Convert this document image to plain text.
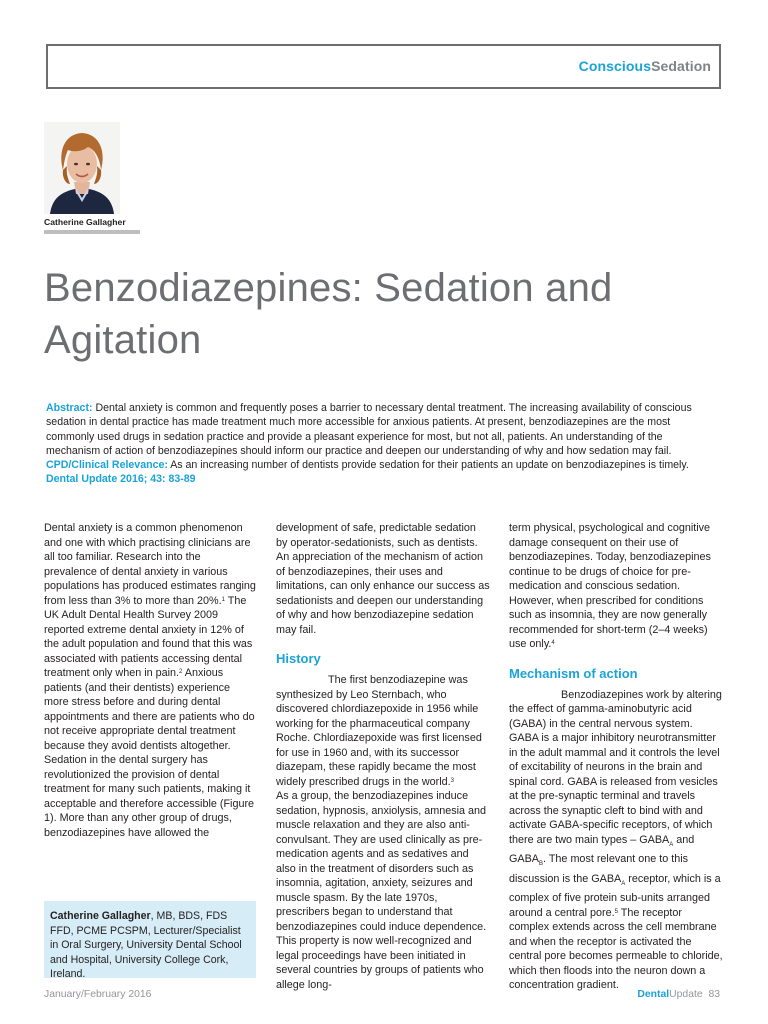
ConsciousSedation
Catherine Gallagher
Benzodiazepines: Sedation and Agitation
Abstract: Dental anxiety is common and frequently poses a barrier to necessary dental treatment. The increasing availability of conscious sedation in dental practice has made treatment much more accessible for anxious patients. At present, benzodiazepines are the most commonly used drugs in sedation practice and provide a pleasant experience for most, but not all, patients. An understanding of the mechanism of action of benzodiazepines should inform our practice and deepen our understanding of why and how sedation may fail.
CPD/Clinical Relevance: As an increasing number of dentists provide sedation for their patients an update on benzodiazepines is timely.
Dental Update 2016; 43: 83-89

Dental anxiety is a common phenomenon and one with which practising clinicians are all too familiar. Research into the prevalence of dental anxiety in various populations has produced estimates ranging from less than 3% to more than 20%.$^1$ The UK Adult Dental Health Survey 2009 reported extreme dental anxiety in 12% of the adult population and found that this was associated with patients accessing dental treatment only when in pain.$^2$ Anxious patients (and their dentists) experience more stress before and during dental appointments and there are patients who do not receive appropriate dental treatment because they avoid dentists altogether. Sedation in the dental surgery has revolutionized the provision of dental treatment for many such patients, making it acceptable and therefore accessible (Figure 1). More than any other group of drugs, benzodiazepines have allowed the

Catherine Gallagher, MB, BDS, FDS FFD, PCME PCSPM, Lecturer/Specialist in Oral Surgery, University Dental School and Hospital, University College Cork, Ireland.

development of safe, predictable sedation by operator-sedationists, such as dentists. An appreciation of the mechanism of action of benzodiazepines, their uses and limitations, can only enhance our success as sedationists and deepen our understanding of why and how benzodiazepine sedation may fail.

History

The first benzodiazepine was synthesized by Leo Sternbach, who discovered chlordiazepoxide in 1956 while working for the pharmaceutical company Roche. Chlordiazepoxide was first licensed for use in 1960 and, with its successor diazepam, these rapidly became the most widely prescribed drugs in the world.$^3$

As a group, the benzodiazepines induce sedation, hypnosis, anxiolysis, amnesia and muscle relaxation and they are also anti-convulsant. They are used clinically as pre-medication agents and as sedatives and also in the treatment of disorders such as insomnia, agitation, anxiety, seizures and muscle spasm. By the late 1970s, prescribers began to understand that benzodiazepines could induce dependence. This property is now well-recognized and legal proceedings have been initiated in several countries by groups of patients who allege long-

term physical, psychological and cognitive damage consequent on their use of benzodiazepines. Today, benzodiazepines continue to be drugs of choice for pre-medication and conscious sedation. However, when prescribed for conditions such as insomnia, they are now generally recommended for short-term (2–4 weeks) use only.$^4$

Mechanism of action

Benzodiazepines work by altering the effect of gamma-aminobutyric acid (GABA) in the central nervous system. GABA is a major inhibitory neurotransmitter in the adult mammal and it controls the level of excitability of neurons in the brain and spinal cord. GABA is released from vesicles at the pre-synaptic terminal and travels across the synaptic cleft to bind with and activate GABA-specific receptors, of which there are two main types – $GABA_A$ and $GABA_B$. The most relevant one to this discussion is the $GABA_A$ receptor, which is a complex of five protein sub-units arranged around a central pore.$^5$ The receptor complex extends across the cell membrane and when the receptor is activated the central pore becomes permeable to chloride, which then floods into the neuron down a concentration gradient.

January/February 2016	DentalUpdate 83
